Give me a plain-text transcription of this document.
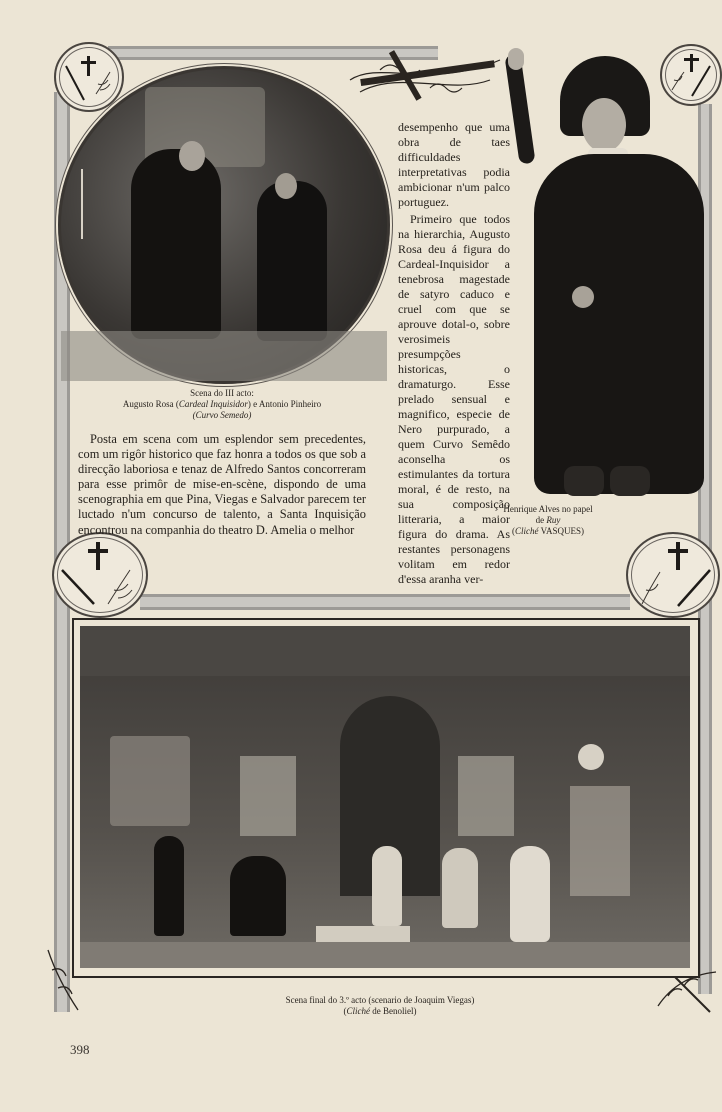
Scena do III acto:
Augusto Rosa (Cardeal Inquisidor) e Antonio Pinheiro
(Curvo Semedo)
Henrique Alves no papel
de Ruy
(Cliché VASQUES)

Posta em scena com um esplendor sem precedentes, com um rigôr historico que faz honra a todos os que sob a direcção laboriosa e tenaz de Alfredo Santos concorreram para esse primôr de mise-en-scène, dispondo de uma scenographia em que Pina, Viegas e Salvador parecem ter luctado n'um concurso de talento, a Santa Inquisição encontrou na companhia do theatro D. Amelia o melhor

desempenho que uma obra de taes difficuldades interpretativas podia ambicionar n'um palco portuguez.

Primeiro que todos na hierarchia, Augusto Rosa deu á figura do Cardeal-Inquisidor a tenebrosa magestade de satyro caduco e cruel com que se aprouve dotal-o, sobre verosimeis presumpções historicas, o dramaturgo. Esse prelado sensual e magnifico, especie de Nero purpurado, a quem Curvo Semêdo aconselha os estimulantes da tortura moral, é de resto, na sua composição litteraria, a maior figura do drama. As restantes personagens volitam em redor d'essa aranha ver-

Scena final do 3.º acto (scenario de Joaquim Viegas)
(Cliché de Benoliel)
398
